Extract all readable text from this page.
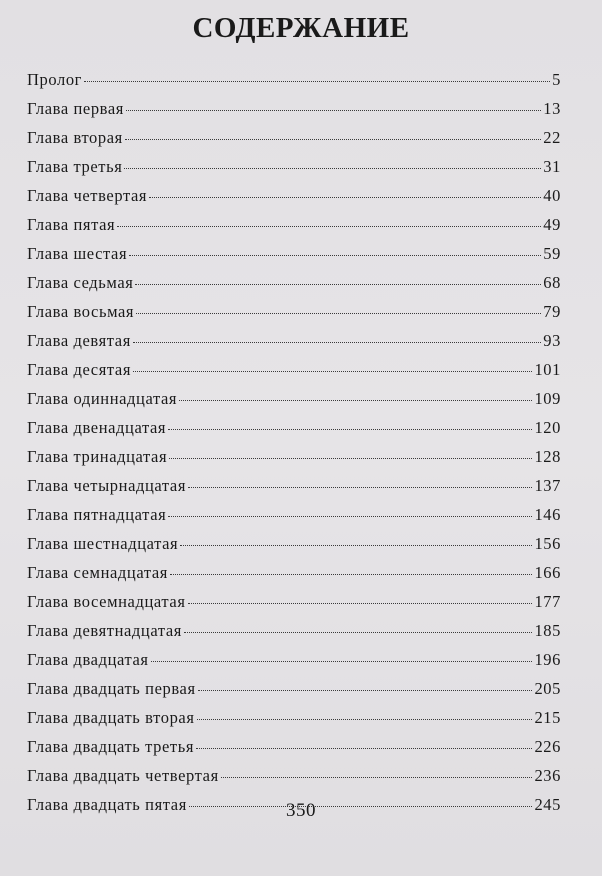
СОДЕРЖАНИЕ
Пролог	5
Глава первая	13
Глава вторая	22
Глава третья	31
Глава четвертая	40
Глава пятая	49
Глава шестая	59
Глава седьмая	68
Глава восьмая	79
Глава девятая	93
Глава десятая	101
Глава одиннадцатая	109
Глава двенадцатая	120
Глава тринадцатая	128
Глава четырнадцатая	137
Глава пятнадцатая	146
Глава шестнадцатая	156
Глава семнадцатая	166
Глава восемнадцатая	177
Глава девятнадцатая	185
Глава двадцатая	196
Глава двадцать первая	205
Глава двадцать вторая	215
Глава двадцать третья	226
Глава двадцать четвертая	236
Глава двадцать пятая	245
350
